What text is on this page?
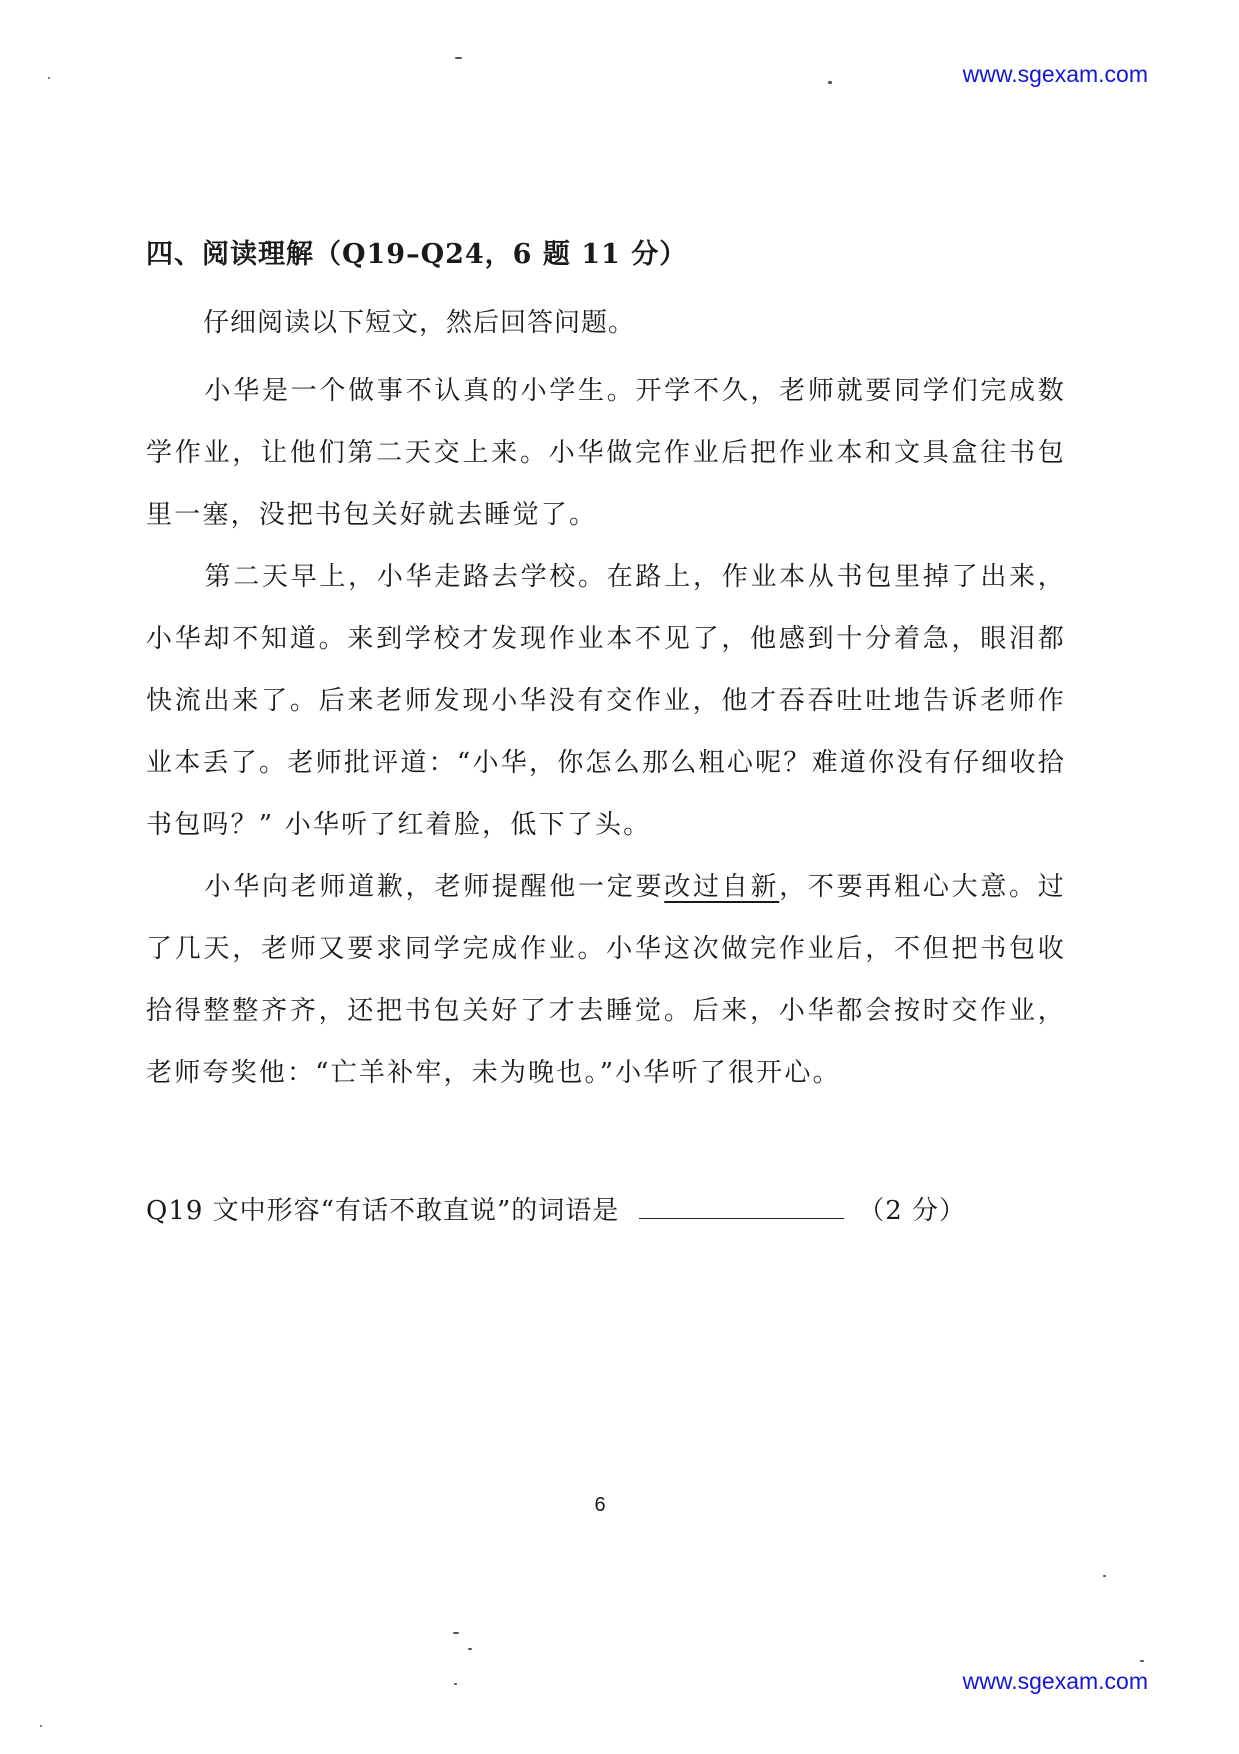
www.sgexam.com
四、阅读理解（Q19–Q24，6 题 11 分）
仔细阅读以下短文，然后回答问题。

小华是一个做事不认真的小学生。开学不久，老师就要同学们完成数学作业，让他们第二天交上来。小华做完作业后把作业本和文具盒往书包里一塞，没把书包关好就去睡觉了。

第二天早上，小华走路去学校。在路上，作业本从书包里掉了出来，小华却不知道。来到学校才发现作业本不见了，他感到十分着急，眼泪都快流出来了。后来老师发现小华没有交作业，他才吞吞吐吐地告诉老师作业本丢了。老师批评道：“小华，你怎么那么粗心呢？难道你没有仔细收拾书包吗？” 小华听了红着脸，低下了头。

小华向老师道歉，老师提醒他一定要改过自新，不要再粗心大意。过了几天，老师又要求同学完成作业。小华这次做完作业后，不但把书包收拾得整整齐齐，还把书包关好了才去睡觉。后来，小华都会按时交作业，老师夸奖他：“亡羊补牢，未为晚也。”小华听了很开心。

Q19 文中形容“有话不敢直说”的词语是	（2 分）
6
www.sgexam.com
